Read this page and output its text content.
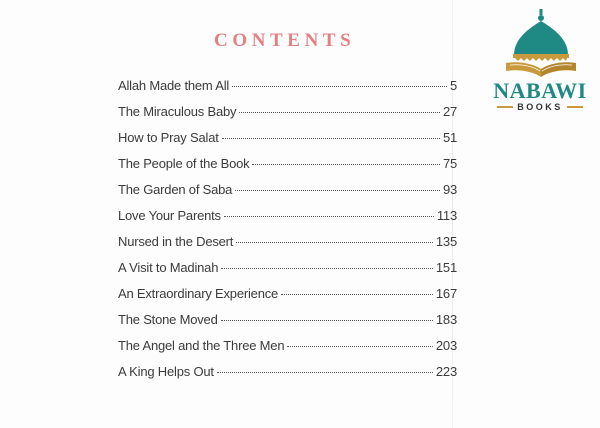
CONTENTS
Allah Made them All	5
The Miraculous Baby	27
How to Pray Salat	51
The People of the Book	75
The Garden of Saba	93
Love Your Parents	113
Nursed in the Desert	135
A Visit to Madinah	151
An Extraordinary Experience	167
The Stone Moved	183
The Angel and the Three Men	203
A King Helps Out	223
NABAWI
BOOKS
